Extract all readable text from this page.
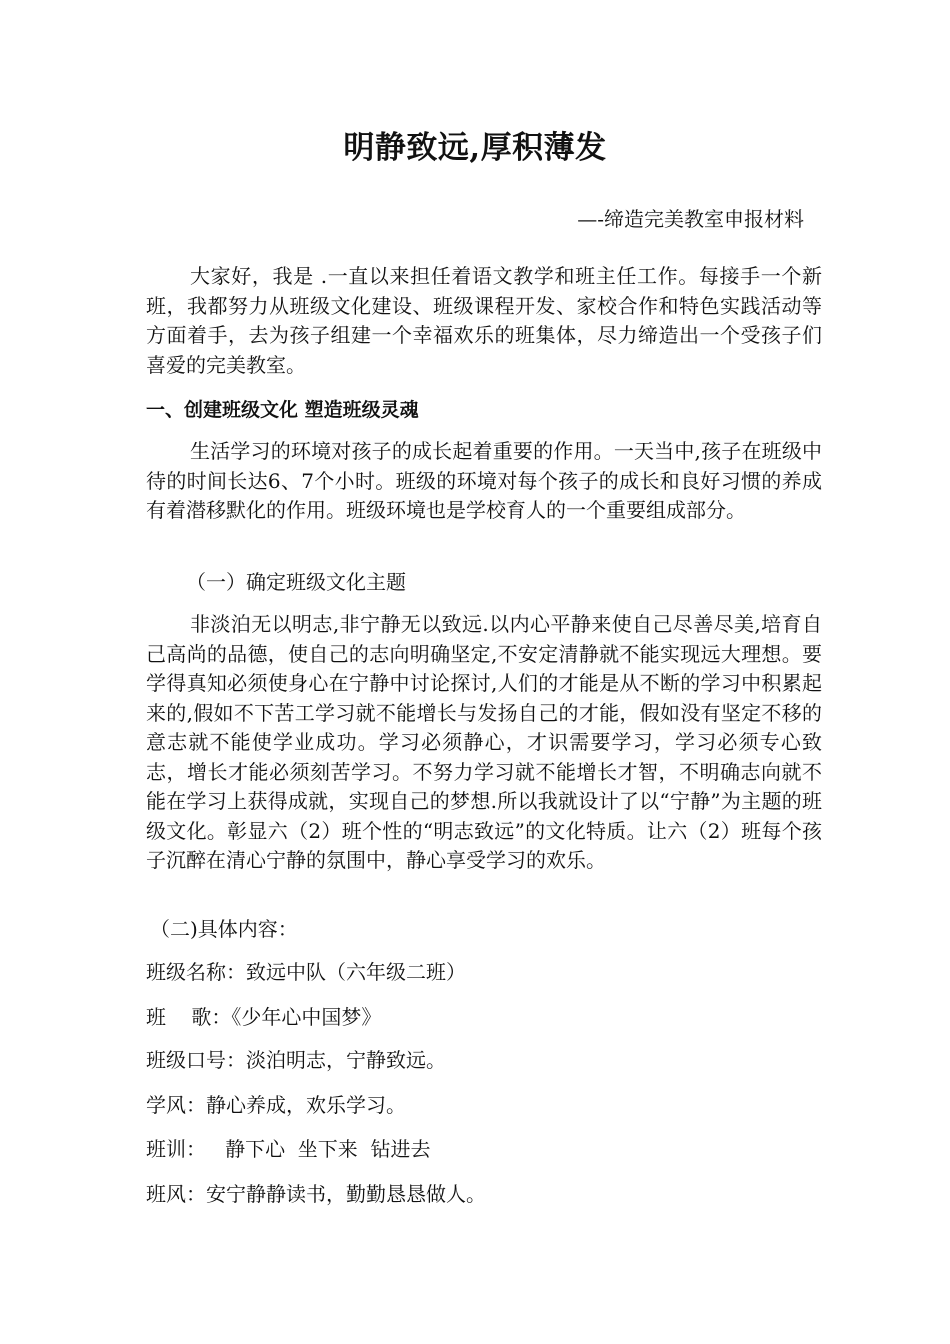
明静致远,厚积薄发
—-缔造完美教室申报材料

大家好，我是 .一直以来担任着语文教学和班主任工作。每接手一个新班，我都努力从班级文化建设、班级课程开发、家校合作和特色实践活动等方面着手，去为孩子组建一个幸福欢乐的班集体，尽力缔造出一个受孩子们喜爱的完美教室。

一、创建班级文化 塑造班级灵魂

生活学习的环境对孩子的成长起着重要的作用。一天当中,孩子在班级中待的时间长达6、7个小时。班级的环境对每个孩子的成长和良好习惯的养成有着潜移默化的作用。班级环境也是学校育人的一个重要组成部分。

（一）确定班级文化主题

非淡泊无以明志,非宁静无以致远.以内心平静来使自己尽善尽美,培育自己高尚的品德，使自己的志向明确坚定,不安定清静就不能实现远大理想。要学得真知必须使身心在宁静中讨论探讨,人们的才能是从不断的学习中积累起来的,假如不下苦工学习就不能增长与发扬自己的才能，假如没有坚定不移的意志就不能使学业成功。学习必须静心，才识需要学习，学习必须专心致志，增长才能必须刻苦学习。不努力学习就不能增长才智，不明确志向就不能在学习上获得成就，实现自己的梦想.所以我就设计了以“宁静”为主题的班级文化。彰显六（2）班个性的“明志致远”的文化特质。让六（2）班每个孩子沉醉在清心宁静的氛围中，静心享受学习的欢乐。

（二)具体内容：
班级名称：致远中队（六年级二班）
班    歌：《少年心中国梦》
班级口号：淡泊明志，宁静致远。
学风：静心养成，欢乐学习。
班训：   静下心  坐下来  钻进去
班风：安宁静静读书，勤勤恳恳做人。
